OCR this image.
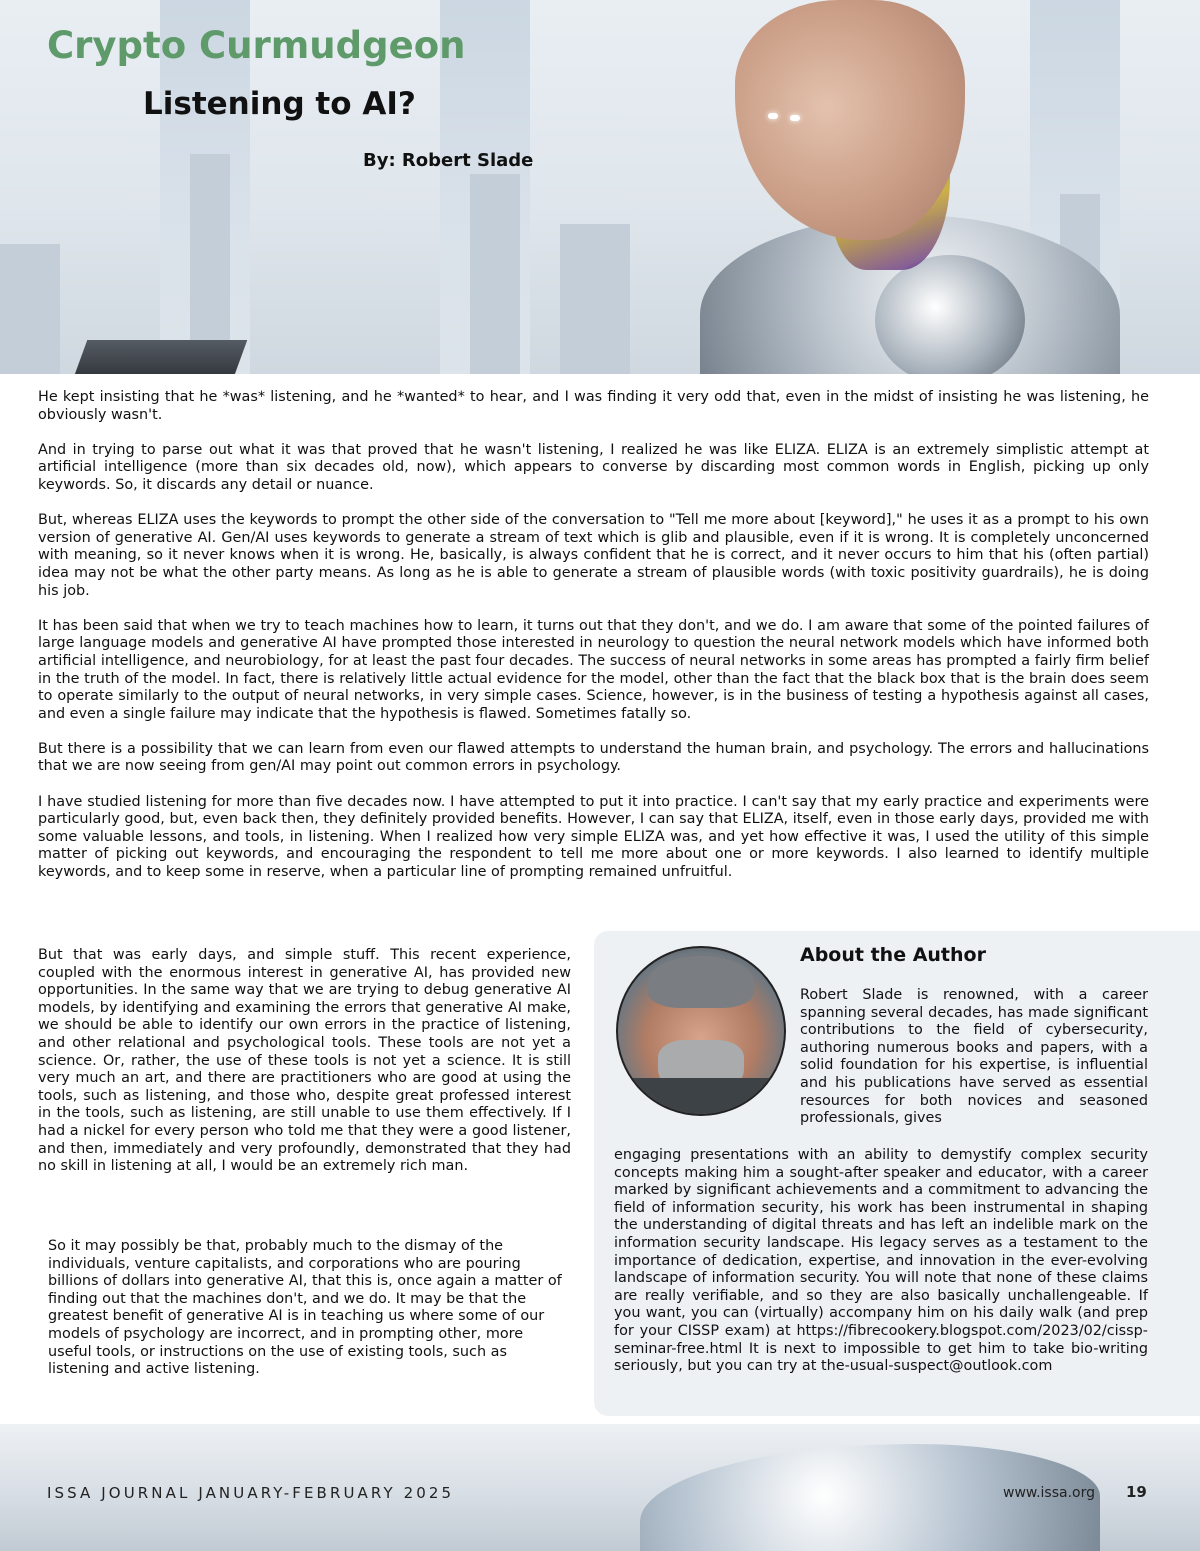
Crypto Curmudgeon
Listening to AI?

By: Robert Slade

He kept insisting that he *was* listening, and he *wanted* to hear, and I was finding it very odd that, even in the midst of insisting he was listening, he obviously wasn't.

And in trying to parse out what it was that proved that he wasn't listening, I realized he was like ELIZA. ELIZA is an extremely simplistic attempt at artificial intelligence (more than six decades old, now), which appears to converse by discarding most common words in English, picking up only keywords. So, it discards any detail or nuance.

But, whereas ELIZA uses the keywords to prompt the other side of the conversation to "Tell me more about [keyword]," he uses it as a prompt to his own version of generative AI. Gen/AI uses keywords to generate a stream of text which is glib and plausible, even if it is wrong. It is completely unconcerned with meaning, so it never knows when it is wrong. He, basically, is always confident that he is correct, and it never occurs to him that his (often partial) idea may not be what the other party means. As long as he is able to generate a stream of plausible words (with toxic positivity guardrails), he is doing his job.

It has been said that when we try to teach machines how to learn, it turns out that they don't, and we do. I am aware that some of the pointed failures of large language models and generative AI have prompted those interested in neurology to question the neural network models which have informed both artificial intelligence, and neurobiology, for at least the past four decades. The success of neural networks in some areas has prompted a fairly firm belief in the truth of the model. In fact, there is relatively little actual evidence for the model, other than the fact that the black box that is the brain does seem to operate similarly to the output of neural networks, in very simple cases. Science, however, is in the business of testing a hypothesis against all cases, and even a single failure may indicate that the hypothesis is flawed. Sometimes fatally so.

But there is a possibility that we can learn from even our flawed attempts to understand the human brain, and psychology. The errors and hallucinations that we are now seeing from gen/AI may point out common errors in psychology.

I have studied listening for more than five decades now. I have attempted to put it into practice. I can't say that my early practice and experiments were particularly good, but, even back then, they definitely provided benefits. However, I can say that ELIZA, itself, even in those early days, provided me with some valuable lessons, and tools, in listening. When I realized how very simple ELIZA was, and yet how effective it was, I used the utility of this simple matter of picking out keywords, and encouraging the respondent to tell me more about one or more keywords. I also learned to identify multiple keywords, and to keep some in reserve, when a particular line of prompting remained unfruitful.

But that was early days, and simple stuff. This recent experience, coupled with the enormous interest in generative AI, has provided new opportunities. In the same way that we are trying to debug generative AI models, by identifying and examining the errors that generative AI make, we should be able to identify our own errors in the practice of listening, and other relational and psychological tools. These tools are not yet a science. Or, rather, the use of these tools is not yet a science. It is still very much an art, and there are practitioners who are good at using the tools, such as listening, and those who, despite great professed interest in the tools, such as listening, are still unable to use them effectively. If I had a nickel for every person who told me that they were a good listener, and then, immediately and very profoundly, demonstrated that they had no skill in listening at all, I would be an extremely rich man.

So it may possibly be that, probably much to the dismay of the individuals, venture capitalists, and corporations who are pouring billions of dollars into generative AI, that this is, once again a matter of finding out that the machines don't, and we do. It may be that the greatest benefit of generative AI is in teaching us where some of our models of psychology are incorrect, and in prompting other, more useful tools, or instructions on the use of existing tools, such as listening and active listening.

About the Author

Robert Slade is renowned, with a career spanning several decades, has made significant contributions to the field of cybersecurity, authoring numerous books and papers, with a solid foundation for his expertise, is influential and his publications have served as essential resources for both novices and seasoned professionals, gives

engaging presentations with an ability to demystify complex security concepts making him a sought-after speaker and educator, with a career marked by significant achievements and a commitment to advancing the field of information security, his work has been instrumental in shaping the understanding of digital threats and has left an indelible mark on the information security landscape. His legacy serves as a testament to the importance of dedication, expertise, and innovation in the ever-evolving landscape of information security. You will note that none of these claims are really verifiable, and so they are also basically unchallengeable. If you want, you can (virtually) accompany him on his daily walk (and prep for your CISSP exam) at https://fibrecookery.blogspot.com/2023/02/cissp-seminar-free.html It is next to impossible to get him to take bio-writing seriously, but you can try at the-usual-suspect@outlook.com

ISSA JOURNAL JANUARY-FEBRUARY 2025	www.issa.org 19
